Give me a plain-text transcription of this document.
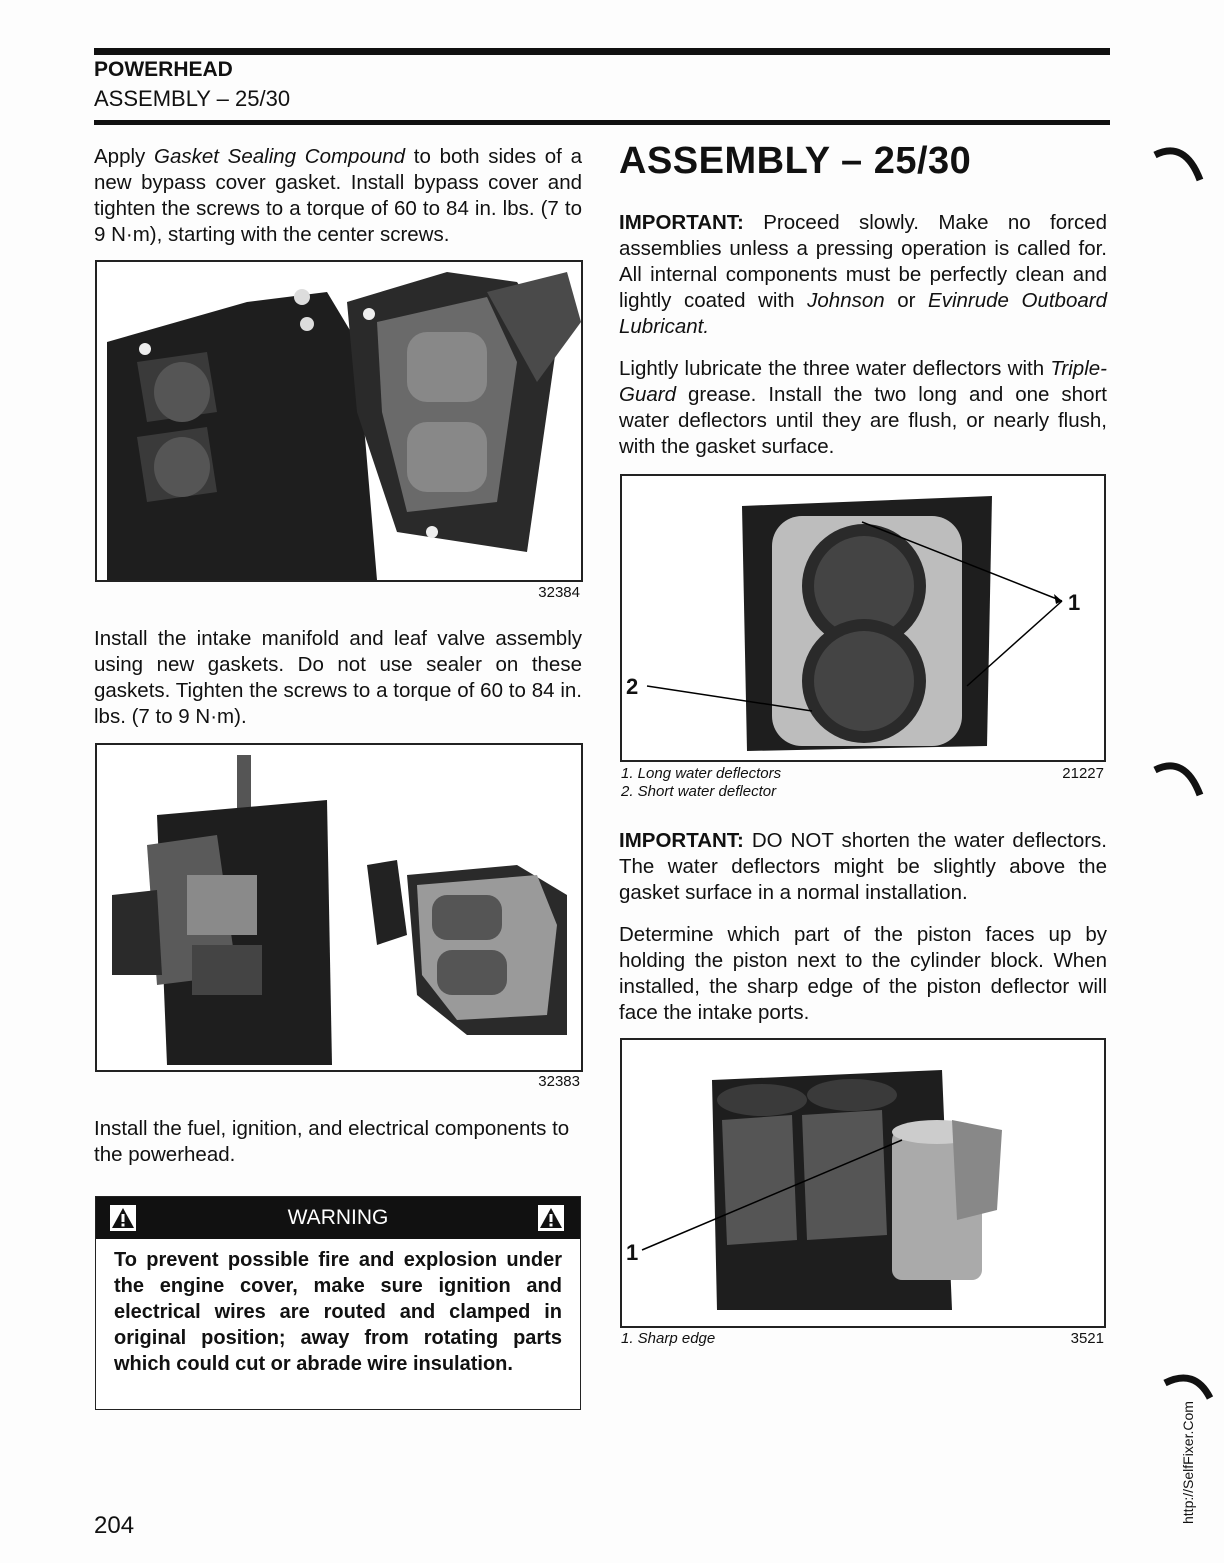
POWERHEAD
ASSEMBLY – 25/30
Apply Gasket Sealing Compound to both sides of a new bypass cover gasket. Install bypass cover and tighten the screws to a torque of 60 to 84 in. lbs. (7 to 9 N·m), starting with the center screws.
32384
Install the intake manifold and leaf valve assembly using new gaskets. Do not use sealer on these gaskets. Tighten the screws to a torque of 60 to 84 in. lbs. (7 to 9 N·m).
32383
Install the fuel, ignition, and electrical components to the powerhead.
WARNING
To prevent possible fire and explosion under the engine cover, make sure ignition and electrical wires are routed and clamped in original position; away from rotating parts which could cut or abrade wire insulation.
ASSEMBLY – 25/30
IMPORTANT: Proceed slowly. Make no forced assemblies unless a pressing operation is called for. All internal components must be perfectly clean and lightly coated with Johnson or Evinrude Outboard Lubricant.
Lightly lubricate the three water deflectors with Triple-Guard grease. Install the two long and one short water deflectors until they are flush, or nearly flush, with the gasket surface.
1
2
1. Long water deflectors
2. Short water deflector
21227
IMPORTANT: DO NOT shorten the water deflectors. The water deflectors might be slightly above the gasket surface in a normal installation.
Determine which part of the piston faces up by holding the piston next to the cylinder block. When installed, the sharp edge of the piston deflector will face the intake ports.
1
1. Sharp edge	3521
204
http://SelfFixer.Com
